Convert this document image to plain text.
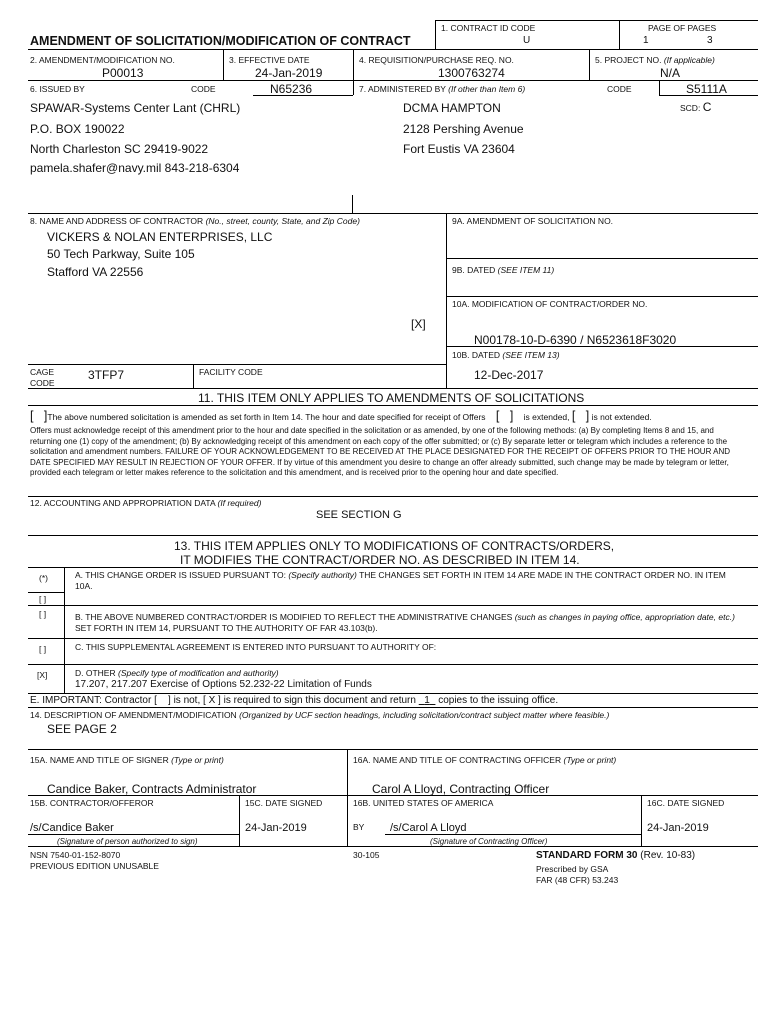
AMENDMENT OF SOLICITATION/MODIFICATION OF CONTRACT
1. CONTRACT ID CODE
U
PAGE OF PAGES
1	3
2. AMENDMENT/MODIFICATION NO.
P00013
3. EFFECTIVE DATE
24-Jan-2019
4. REQUISITION/PURCHASE REQ. NO.
1300763274
5. PROJECT NO. (If applicable)
N/A
6. ISSUED BY	CODE	N65236	7. ADMINISTERED BY (If other than Item 6)	CODE	S5111A
SCD: C
SPAWAR-Systems Center Lant (CHRL)
P.O. BOX 190022
North Charleston SC 29419-9022
pamela.shafer@navy.mil 843-218-6304
DCMA HAMPTON
2128 Pershing Avenue
Fort Eustis VA 23604
8. NAME AND ADDRESS OF CONTRACTOR (No., street, county, State, and Zip Code)
VICKERS & NOLAN ENTERPRISES, LLC
50 Tech Parkway, Suite 105
Stafford VA 22556
CAGE CODE
3TFP7	FACILITY CODE
9A. AMENDMENT OF SOLICITATION NO.
9B. DATED (SEE ITEM 11)
10A. MODIFICATION OF CONTRACT/ORDER NO.
[X]
N00178-10-D-6390 / N6523618F3020
10B. DATED (SEE ITEM 13)
12-Dec-2017
11. THIS ITEM ONLY APPLIES TO AMENDMENTS OF SOLICITATIONS
[   ]The above numbered solicitation is amended as set forth in Item 14. The hour and date specified for receipt of Offers [   ] is extended, [   ] is not extended.
Offers must acknowledge receipt of this amendment prior to the hour and date specified in the solicitation or as amended, by one of the following methods: (a) By completing Items 8 and 15, and returning one (1) copy of the amendment; (b) By acknowledging receipt of this amendment on each copy of the offer submitted; or (c) By separate letter or telegram which includes a reference to the solicitation and amendment numbers. FAILURE OF YOUR ACKNOWLEDGEMENT TO BE RECEIVED AT THE PLACE DESIGNATED FOR THE RECEIPT OF OFFERS PRIOR TO THE HOUR AND DATE SPECIFIED MAY RESULT IN REJECTION OF YOUR OFFER. If by virtue of this amendment you desire to change an offer already submitted, such change may be made by telegram or letter, provided each telegram or letter makes reference to the solicitation and this amendment, and is received prior to the opening hour and date specified.
12. ACCOUNTING AND APPROPRIATION DATA (If required)
SEE SECTION G
13. THIS ITEM APPLIES ONLY TO MODIFICATIONS OF CONTRACTS/ORDERS,
IT MODIFIES THE CONTRACT/ORDER NO. AS DESCRIBED IN ITEM 14.
(*)	A. THIS CHANGE ORDER IS ISSUED PURSUANT TO: (Specify authority) THE CHANGES SET FORTH IN ITEM 14 ARE MADE IN THE CONTRACT ORDER NO. IN ITEM 10A.
[ ]
[ ]	B. THE ABOVE NUMBERED CONTRACT/ORDER IS MODIFIED TO REFLECT THE ADMINISTRATIVE CHANGES (such as changes in paying office, appropriation date, etc.) SET FORTH IN ITEM 14, PURSUANT TO THE AUTHORITY OF FAR 43.103(b).
[ ]	C. THIS SUPPLEMENTAL AGREEMENT IS ENTERED INTO PURSUANT TO AUTHORITY OF:
[X]	D. OTHER (Specify type of modification and authority)
17.207, 217.207 Exercise of Options 52.232-22 Limitation of Funds
E. IMPORTANT: Contractor [    ] is not, [ X ] is required to sign this document and return 1 copies to the issuing office.
14. DESCRIPTION OF AMENDMENT/MODIFICATION (Organized by UCF section headings, including solicitation/contract subject matter where feasible.)
SEE PAGE 2
15A. NAME AND TITLE OF SIGNER (Type or print)
Candice Baker, Contracts Administrator
16A. NAME AND TITLE OF CONTRACTING OFFICER (Type or print)
Carol A Lloyd, Contracting Officer
15B. CONTRACTOR/OFFEROR
/s/Candice Baker
(Signature of person authorized to sign)
15C. DATE SIGNED
24-Jan-2019
16B. UNITED STATES OF AMERICA
BY /s/Carol A Lloyd
(Signature of Contracting Officer)
16C. DATE SIGNED
24-Jan-2019
NSN 7540-01-152-8070
PREVIOUS EDITION UNUSABLE
30-105	STANDARD FORM 30 (Rev. 10-83)
Prescribed by GSA
FAR (48 CFR) 53.243
